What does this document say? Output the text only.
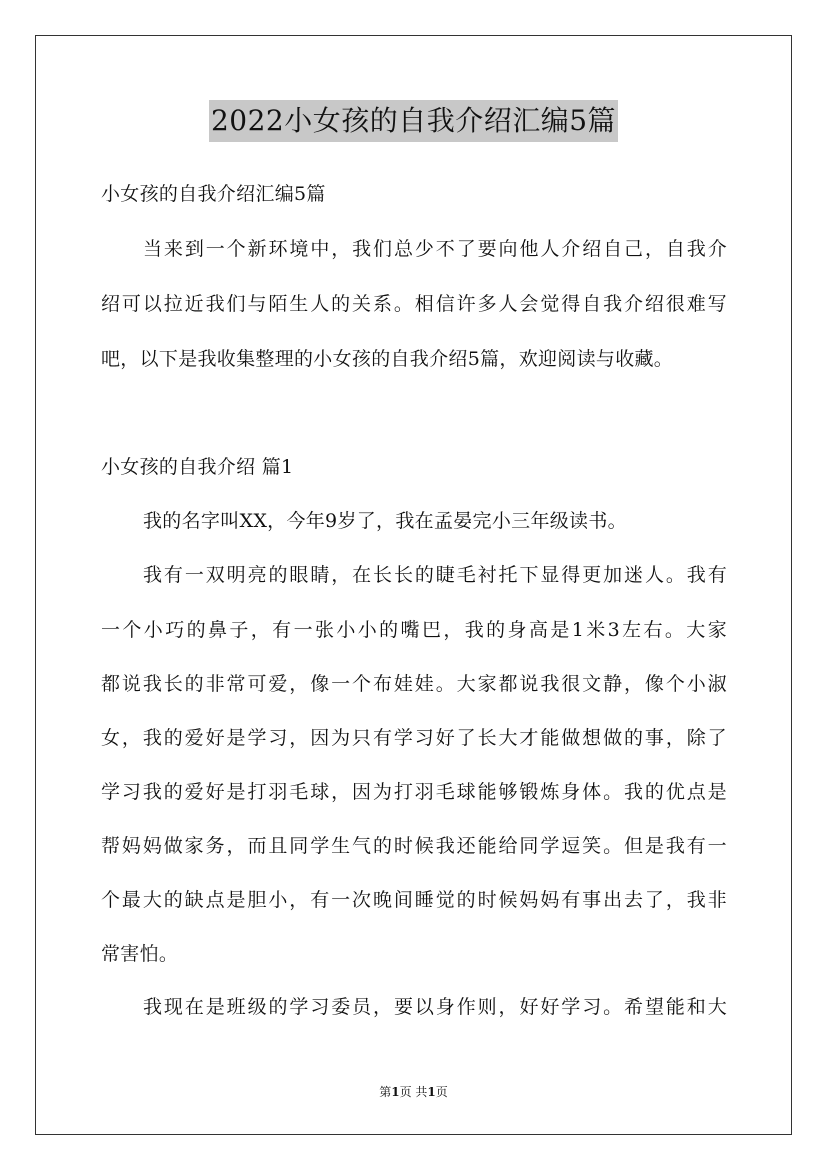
2022小女孩的自我介绍汇编5篇
小女孩的自我介绍汇编5篇
当来到一个新环境中，我们总少不了要向他人介绍自己，自我介
绍可以拉近我们与陌生人的关系。相信许多人会觉得自我介绍很难写
吧，以下是我收集整理的小女孩的自我介绍5篇，欢迎阅读与收藏。
小女孩的自我介绍 篇1
我的名字叫XX，今年9岁了，我在孟晏完小三年级读书。
我有一双明亮的眼睛，在长长的睫毛衬托下显得更加迷人。我有
一个小巧的鼻子，有一张小小的嘴巴，我的身高是1米3左右。大家
都说我长的非常可爱，像一个布娃娃。大家都说我很文静，像个小淑
女，我的爱好是学习，因为只有学习好了长大才能做想做的事，除了
学习我的爱好是打羽毛球，因为打羽毛球能够锻炼身体。我的优点是
帮妈妈做家务，而且同学生气的时候我还能给同学逗笑。但是我有一
个最大的缺点是胆小，有一次晚间睡觉的时候妈妈有事出去了，我非
常害怕。
我现在是班级的学习委员，要以身作则，好好学习。希望能和大
第1页 共1页
